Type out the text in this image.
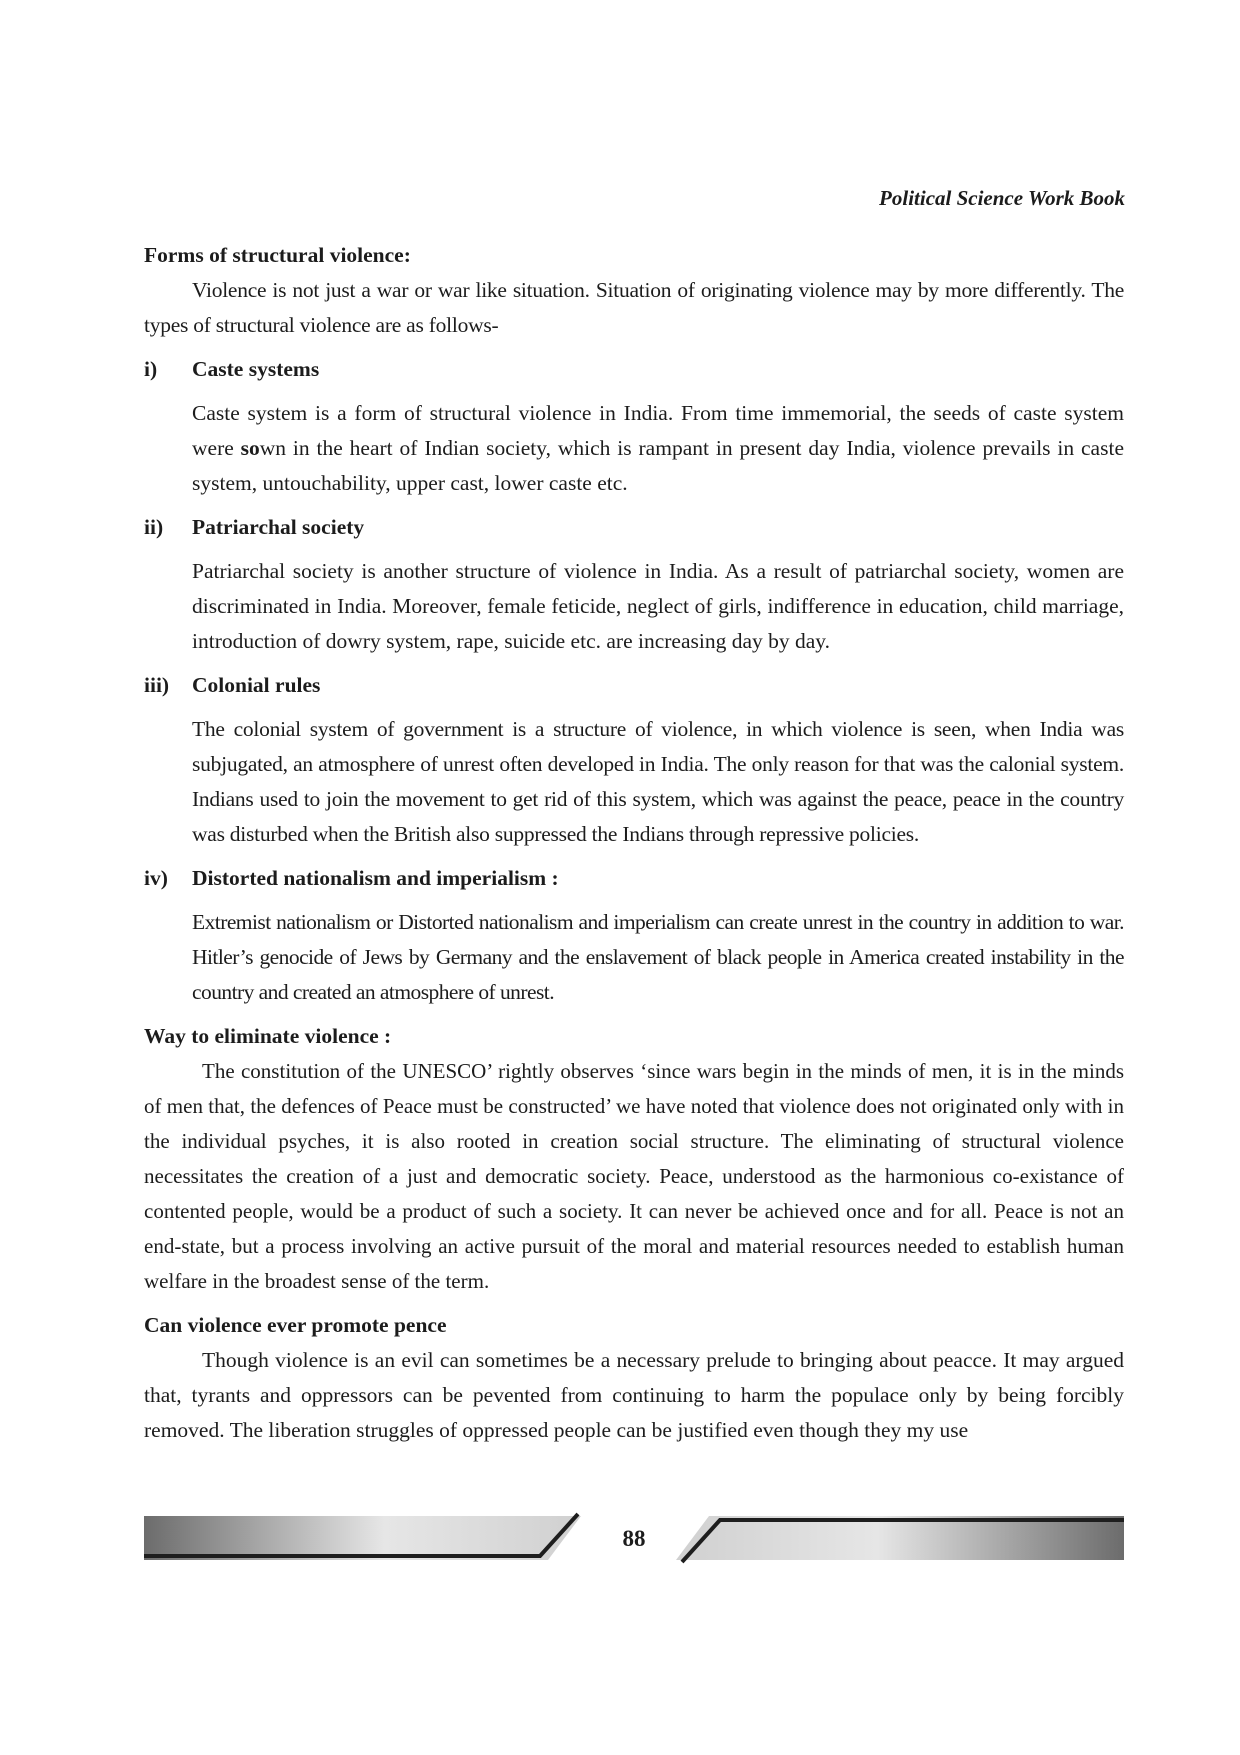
Political Science Work Book

Forms of structural violence:

Violence is not just a war or war like situation. Situation of originating violence may by more differently. The types of structural violence are as follows-

i)	Caste systems

Caste system is a form of structural violence in India. From time immemorial, the seeds of caste system were sown in the heart of Indian society, which is rampant in present day India, violence prevails in caste system, untouchability, upper cast, lower caste etc.

ii)	Patriarchal society

Patriarchal society is another structure of violence in India. As a result of patriarchal society, women are discriminated in India. Moreover, female feticide, neglect of girls, indifference in education, child marriage, introduction of dowry system, rape, suicide etc. are increasing day by day.

iii)	Colonial rules

The colonial system of government is a structure of violence, in which violence is seen, when India was subjugated, an atmosphere of unrest often developed in India. The only reason for that was the calonial system. Indians used to join the movement to get rid of this system, which was against the peace, peace in the country was disturbed when the British also suppressed the Indians through repressive policies.

iv)	Distorted nationalism and imperialism :

Extremist nationalism or Distorted nationalism and imperialism can create unrest in the country in addition to war. Hitler’s genocide of Jews by Germany and the enslavement of black people in America created instability in the country and created an atmosphere of unrest.

Way to eliminate violence :

The constitution of the UNESCO’ rightly observes ‘since wars begin in the minds of men, it is in the minds of men that, the defences of Peace must be constructed’ we have noted that violence does not originated only with in the individual psyches, it is also rooted in creation social structure. The eliminating of structural violence necessitates the creation of a just and democratic society. Peace, understood as the harmonious co-existance of contented people, would be a product of such a society. It can never be achieved once and for all. Peace is not an end-state, but a process involving an active pursuit of the moral and material resources needed to establish human welfare in the broadest sense of the term.

Can violence ever promote pence

Though violence is an evil can sometimes be a necessary prelude to bringing about peacce. It may argued that, tyrants and oppressors can be pevented from continuing to harm the populace only by being forcibly removed. The liberation struggles of oppressed people can be justified even though they my use

88
